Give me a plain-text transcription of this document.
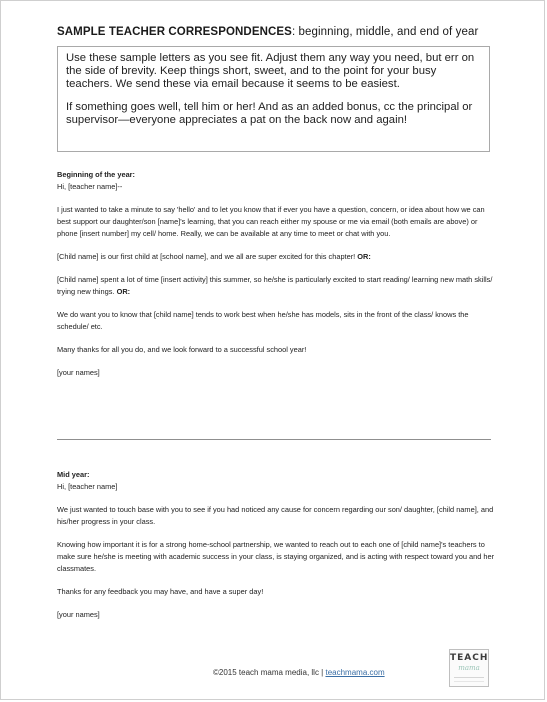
SAMPLE TEACHER CORRESPONDENCES: beginning, middle, and end of year

Use these sample letters as you see fit. Adjust them any way you need, but err on the side of brevity. Keep things short, sweet, and to the point for your busy teachers. We send these via email because it seems to be easiest.

If something goes well, tell him or her! And as an added bonus, cc the principal or supervisor—everyone appreciates a pat on the back now and again!

Beginning of the year:

Hi, [teacher name]--

I just wanted to take a minute to say 'hello' and to let you know that if ever you have a question, concern, or idea about how we can best support our daughter/son [name]'s learning, that you can reach either my spouse or me via email (both emails are above) or phone [insert number] my cell/ home. Really, we can be available at any time to meet or chat with you.

[Child name] is our first child at [school name], and we all are super excited for this chapter! OR:

[Child name] spent a lot of time [insert activity] this summer, so he/she is particularly excited to start reading/ learning new math skills/ trying new things. OR:

We do want you to know that [child name] tends to work best when he/she has models, sits in the front of the class/ knows the schedule/ etc.

Many thanks for all you do, and we look forward to a successful school year!

[your names]

Mid year:

Hi, [teacher name]

We just wanted to touch base with you to see if you had noticed any cause for concern regarding our son/ daughter, [child name], and his/her progress in your class.

Knowing how important it is for a strong home-school partnership, we wanted to reach out to each one of [child name]'s teachers to make sure he/she is meeting with academic success in your class, is staying organized, and is acting with respect toward you and her classmates.

Thanks for any feedback you may have, and have a super day!

[your names]

©2015 teach mama media, llc | teachmama.com
TEACH
mama
